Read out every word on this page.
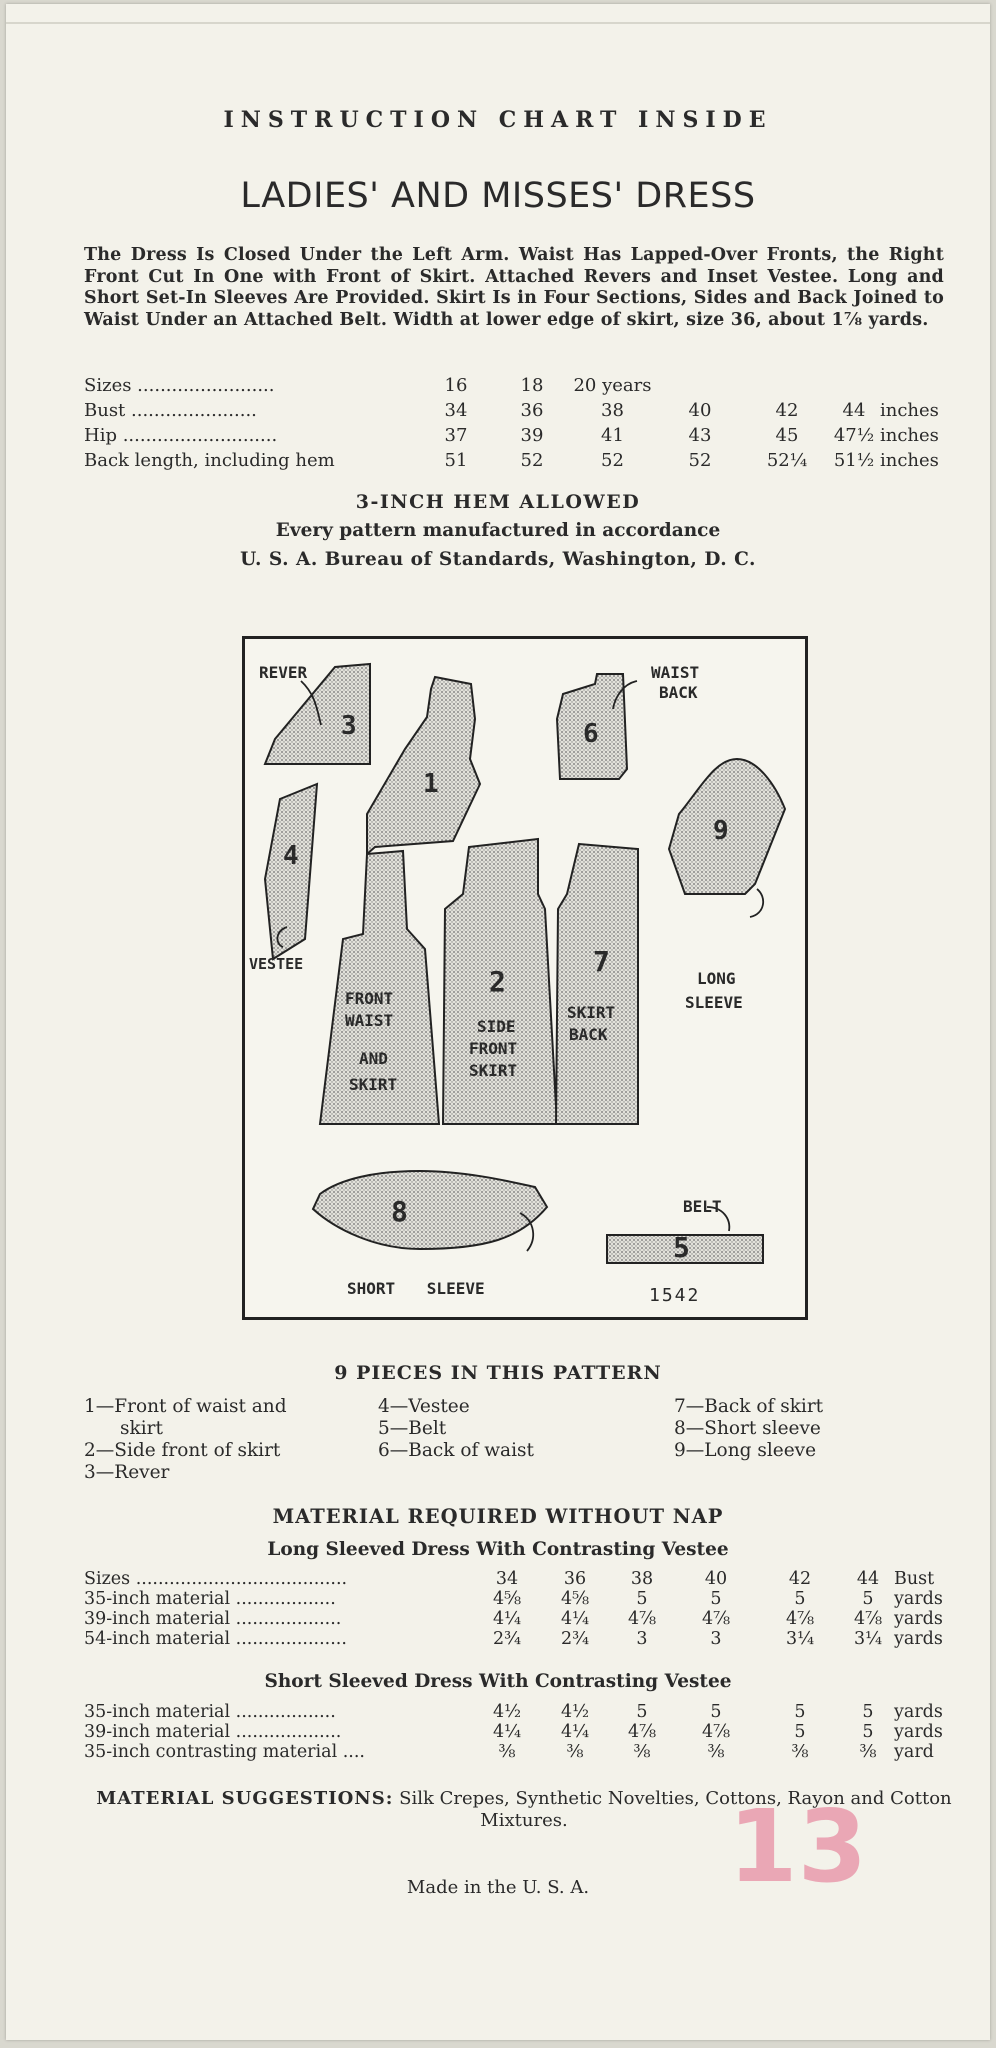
INSTRUCTION CHART INSIDE
LADIES' AND MISSES' DRESS
The Dress Is Closed Under the Left Arm. Waist Has Lapped-Over Fronts, the Right Front Cut In One with Front of Skirt. Attached Revers and Inset Vestee. Long and Short Set-In Sleeves Are Provided. Skirt Is in Four Sections, Sides and Back Joined to Waist Under an Attached Belt. Width at lower edge of skirt, size 36, about 1⅞ yards.
Sizes ........................	16	18	20 years				
Bust ......................	34	36	38	40	42	44	inches
Hip ...........................	37	39	41	43	45	47½	inches
Back length, including hem	51	52	52	52	52¼	51½	inches
3-INCH HEM ALLOWED
Every pattern manufactured in accordance
U. S. A. Bureau of Standards, Washington, D. C.
3
1
4
6
9
2
7
8
5
REVER	WAIST
BACK
VESTEE
LONG
SLEEVE
FRONT
WAIST
AND
SKIRT
SIDE
FRONT
SKIRT
SKIRT
BACK
SHORT SLEEVE
BELT
1542
9 PIECES IN THIS PATTERN
1—Front of waist and
skirt
2—Side front of skirt
3—Rever
4—Vestee
5—Belt
6—Back of waist
7—Back of skirt
8—Short sleeve
9—Long sleeve
MATERIAL REQUIRED WITHOUT NAP
Long Sleeved Dress With Contrasting Vestee
Sizes ......................................	34	36	38	40	42	44	Bust
35-inch material ..................	4⅝	4⅝	5	5	5	5	yards
39-inch material ...................	4¼	4¼	4⅞	4⅞	4⅞	4⅞	yards
54-inch material ....................	2¾	2¾	3	3	3¼	3¼	yards
Short Sleeved Dress With Contrasting Vestee
35-inch material ..................	4½	4½	5	5	5	5	yards
39-inch material ...................	4¼	4¼	4⅞	4⅞	5	5	yards
35-inch contrasting material ....	⅜	⅜	⅜	⅜	⅜	⅜	yard
MATERIAL SUGGESTIONS: Silk Crepes, Synthetic Novelties, Cottons, Rayon and Cotton Mixtures.
Made in the U. S. A.	13
